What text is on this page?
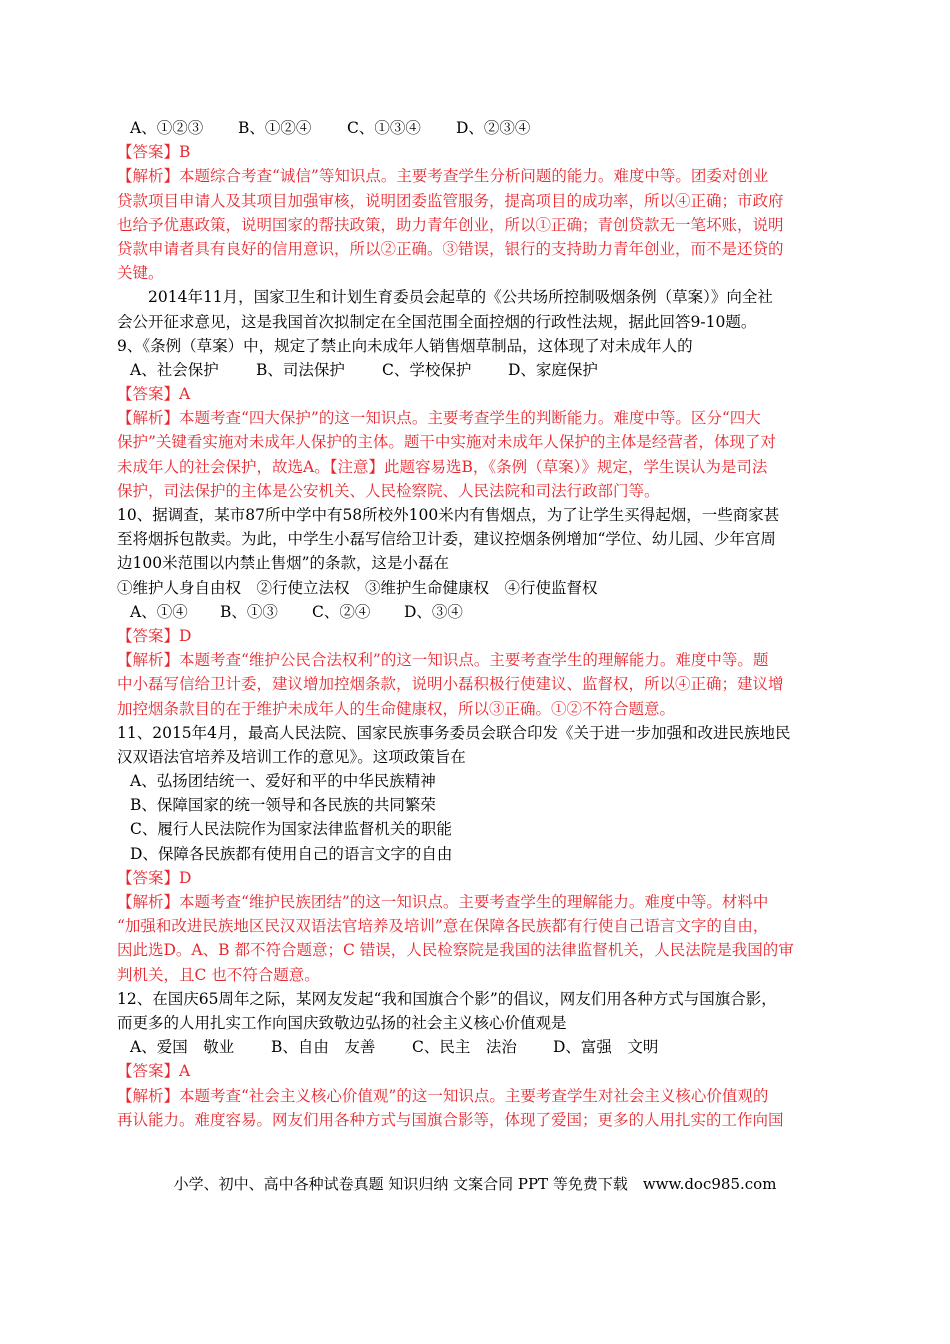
A、①②③ B、①②④ C、①③④ D、②③④
【答案】B
【解析】本题综合考查“诚信”等知识点。主要考查学生分析问题的能力。难度中等。团委对创业
贷款项目申请人及其项目加强审核，说明团委监管服务，提高项目的成功率，所以④正确；市政府
也给予优惠政策，说明国家的帮扶政策，助力青年创业，所以①正确；青创贷款无一笔坏账，说明
贷款申请者具有良好的信用意识，所以②正确。③错误，银行的支持助力青年创业，而不是还贷的
关键。
2014年11月，国家卫生和计划生育委员会起草的《公共场所控制吸烟条例（草案）》向全社
会公开征求意见，这是我国首次拟制定在全国范围全面控烟的行政性法规，据此回答9-10题。
9、《条例（草案）中，规定了禁止向未成年人销售烟草制品，这体现了对未成年人的
A、社会保护 B、司法保护 C、学校保护 D、家庭保护
【答案】A
【解析】本题考查“四大保护”的这一知识点。主要考查学生的判断能力。难度中等。区分“四大
保护”关键看实施对未成年人保护的主体。题干中实施对未成年人保护的主体是经营者，体现了对
未成年人的社会保护，故选A。【注意】此题容易选B，《条例（草案）》规定，学生误认为是司法
保护，司法保护的主体是公安机关、人民检察院、人民法院和司法行政部门等。
10、据调查，某市87所中学中有58所校外100米内有售烟点，为了让学生买得起烟，一些商家甚
至将烟拆包散卖。为此，中学生小磊写信给卫计委，建议控烟条例增加“学位、幼儿园、少年宫周
边100米范围以内禁止售烟”的条款，这是小磊在
①维护人身自由权　②行使立法权　③维护生命健康权　④行使监督权
A、①④ B、①③ C、②④ D、③④
【答案】D
【解析】本题考查“维护公民合法权利”的这一知识点。主要考查学生的理解能力。难度中等。题
中小磊写信给卫计委，建议增加控烟条款，说明小磊积极行使建议、监督权，所以④正确；建议增
加控烟条款目的在于维护未成年人的生命健康权，所以③正确。①②不符合题意。
11、2015年4月，最高人民法院、国家民族事务委员会联合印发《关于进一步加强和改进民族地民
汉双语法官培养及培训工作的意见》。这项政策旨在
A、弘扬团结统一、爱好和平的中华民族精神
B、保障国家的统一领导和各民族的共同繁荣
C、履行人民法院作为国家法律监督机关的职能
D、保障各民族都有使用自己的语言文字的自由
【答案】D
【解析】本题考查“维护民族团结”的这一知识点。主要考查学生的理解能力。难度中等。材料中
“加强和改进民族地区民汉双语法官培养及培训”意在保障各民族都有行使自己语言文字的自由，
因此选D。A、B 都不符合题意；C 错误，人民检察院是我国的法律监督机关，人民法院是我国的审
判机关，且C 也不符合题意。
12、在国庆65周年之际，某网友发起“我和国旗合个影”的倡议，网友们用各种方式与国旗合影，
而更多的人用扎实工作向国庆致敬边弘扬的社会主义核心价值观是
A、爱国　敬业 B、自由　友善 C、民主　法治 D、富强　文明
【答案】A
【解析】本题考查“社会主义核心价值观”的这一知识点。主要考查学生对社会主义核心价值观的
再认能力。难度容易。网友们用各种方式与国旗合影等，体现了爱国；更多的人用扎实的工作向国
小学、初中、高中各种试卷真题 知识归纳 文案合同 PPT 等免费下载　www.doc985.com
